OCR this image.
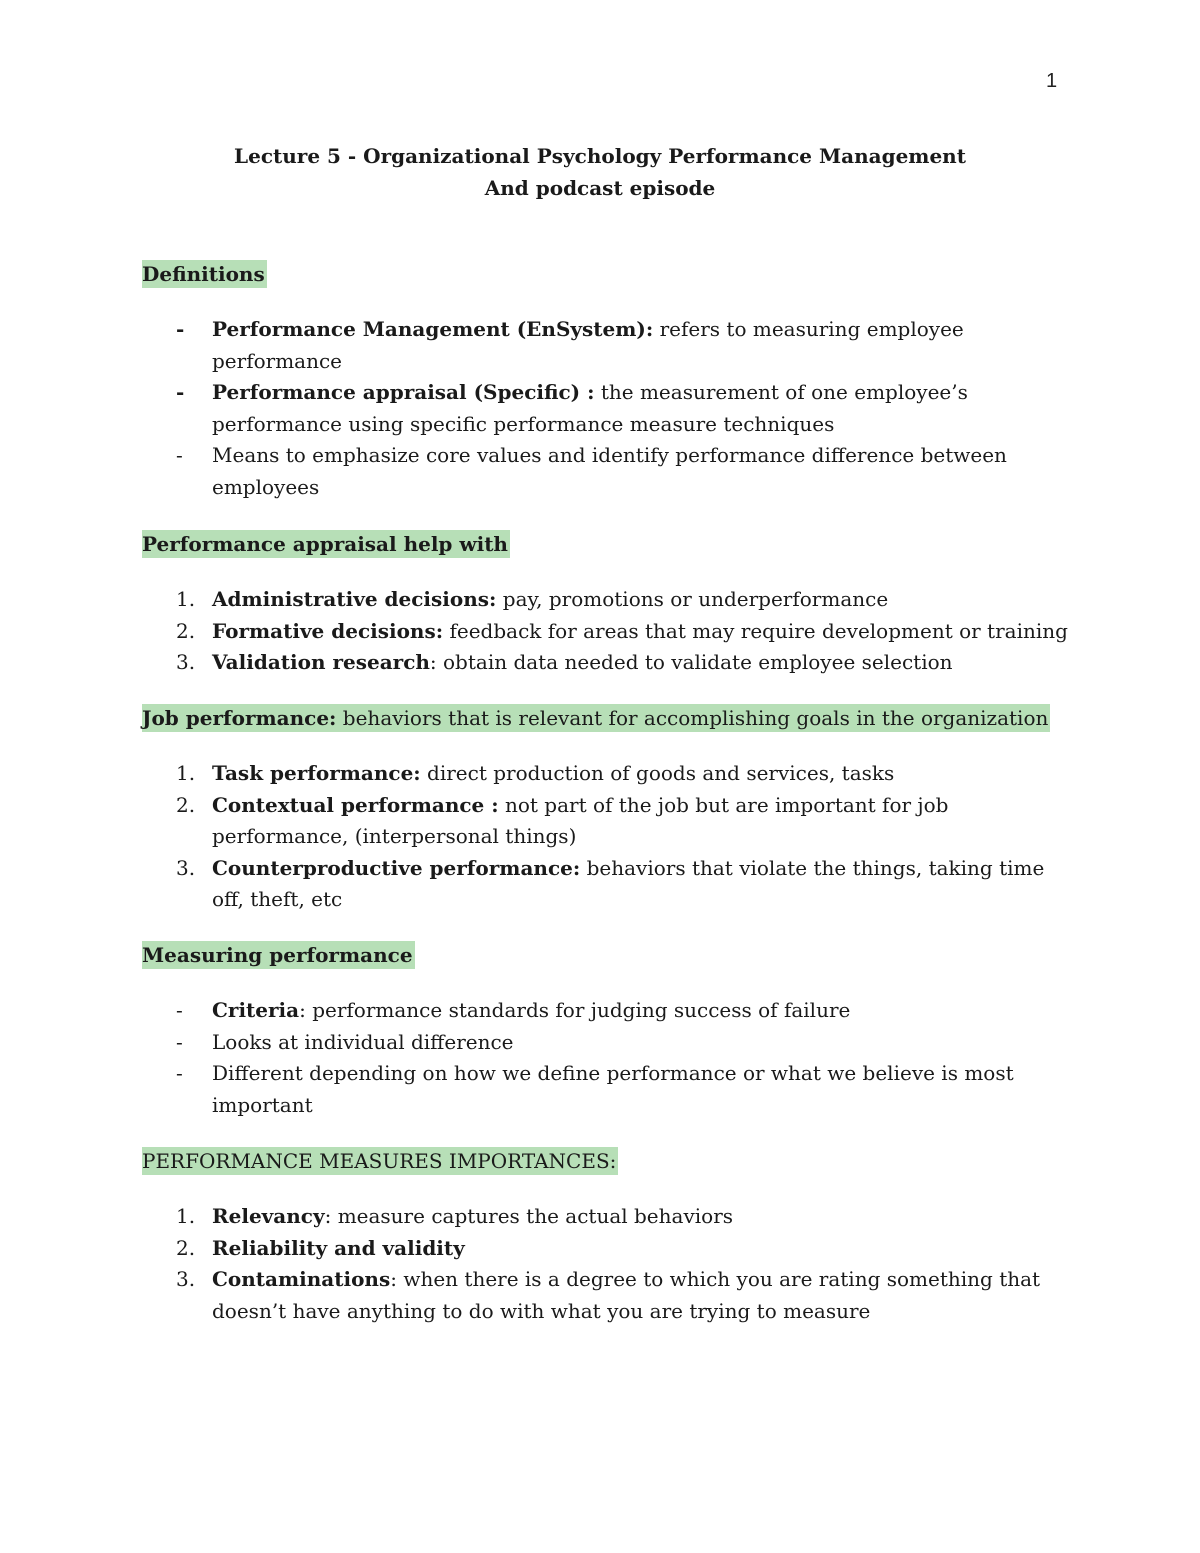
1
Lecture 5 - Organizational Psychology Performance Management
And podcast episode
Definitions
-	Performance Management (EnSystem): refers to measuring employee performance
-	Performance appraisal (Specific) : the measurement of one employee’s performance using specific performance measure techniques
-	Means to emphasize core values and identify performance difference between employees
Performance appraisal help with
1. Administrative decisions: pay, promotions or underperformance
2. Formative decisions: feedback for areas that may require development or training
3. Validation research: obtain data needed to validate employee selection
Job performance: behaviors that is relevant for accomplishing goals in the organization
1. Task performance: direct production of goods and services, tasks
2. Contextual performance : not part of the job but are important for job performance, (interpersonal things)
3. Counterproductive performance: behaviors that violate the things, taking time off, theft, etc
Measuring performance
-	Criteria: performance standards for judging success of failure
-	Looks at individual difference
-	Different depending on how we define performance or what we believe is most important
PERFORMANCE MEASURES IMPORTANCES:
1. Relevancy: measure captures the actual behaviors
2. Reliability and validity
3. Contaminations: when there is a degree to which you are rating something that doesn’t have anything to do with what you are trying to measure
